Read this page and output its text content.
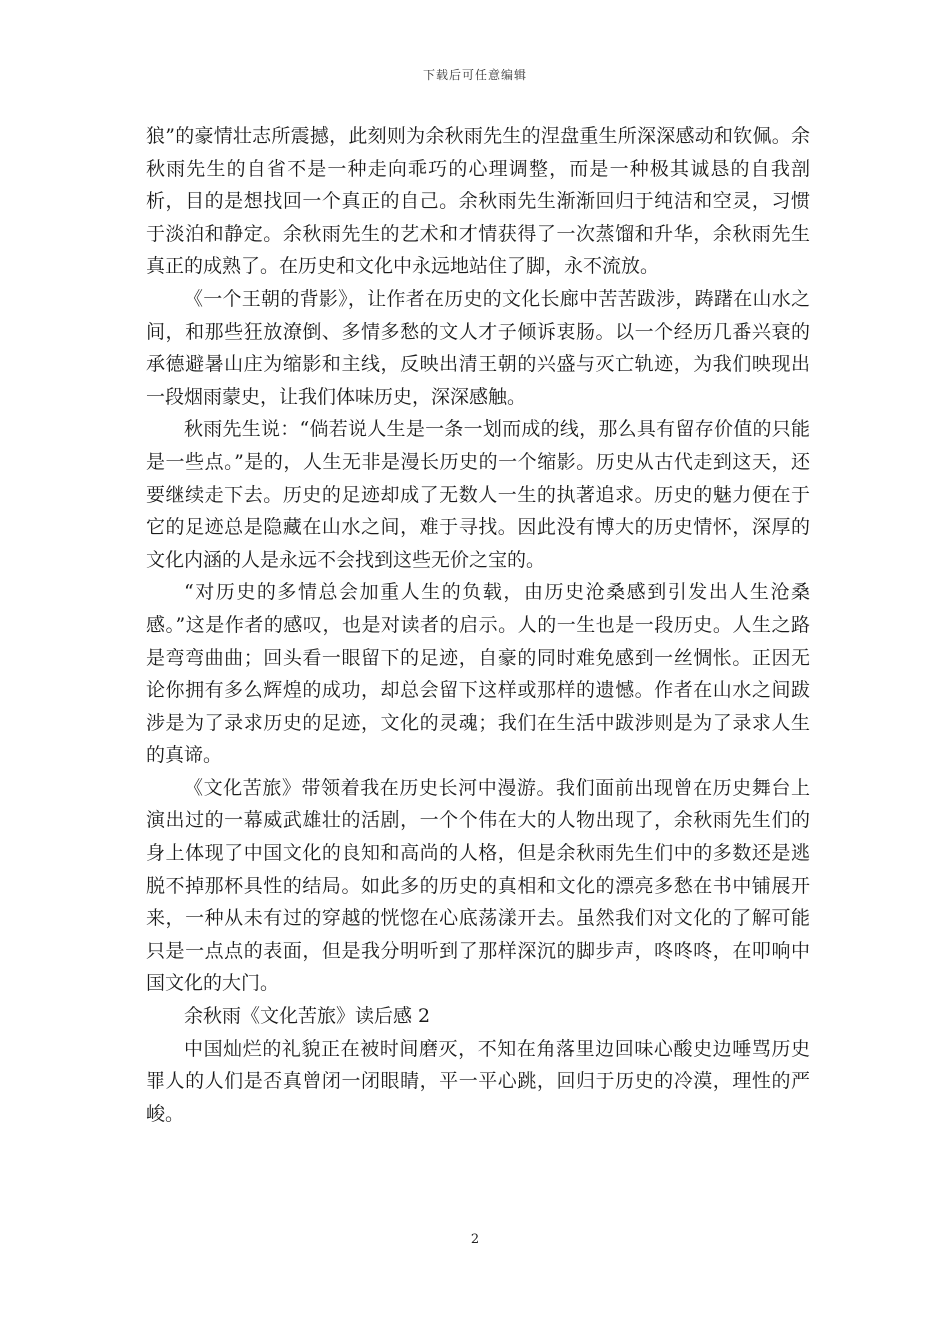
下载后可任意编辑

狼”的豪情壮志所震撼，此刻则为余秋雨先生的涅盘重生所深深感动和钦佩。余秋雨先生的自省不是一种走向乖巧的心理调整，而是一种极其诚恳的自我剖析，目的是想找回一个真正的自己。余秋雨先生渐渐回归于纯洁和空灵，习惯于淡泊和静定。余秋雨先生的艺术和才情获得了一次蒸馏和升华，余秋雨先生真正的成熟了。在历史和文化中永远地站住了脚，永不流放。

《一个王朝的背影》，让作者在历史的文化长廊中苦苦跋涉，踌躇在山水之间，和那些狂放潦倒、多情多愁的文人才子倾诉衷肠。以一个经历几番兴衰的承德避暑山庄为缩影和主线，反映出清王朝的兴盛与灭亡轨迹，为我们映现出一段烟雨蒙史，让我们体味历史，深深感触。

秋雨先生说：“倘若说人生是一条一划而成的线，那么具有留存价值的只能是一些点。”是的，人生无非是漫长历史的一个缩影。历史从古代走到这天，还要继续走下去。历史的足迹却成了无数人一生的执著追求。历史的魅力便在于它的足迹总是隐藏在山水之间，难于寻找。因此没有博大的历史情怀，深厚的文化内涵的人是永远不会找到这些无价之宝的。

“对历史的多情总会加重人生的负载，由历史沧桑感到引发出人生沧桑感。”这是作者的感叹，也是对读者的启示。人的一生也是一段历史。人生之路是弯弯曲曲；回头看一眼留下的足迹，自豪的同时难免感到一丝惆怅。正因无论你拥有多么辉煌的成功，却总会留下这样或那样的遗憾。作者在山水之间跋涉是为了录求历史的足迹，文化的灵魂；我们在生活中跋涉则是为了录求人生的真谛。

《文化苦旅》带领着我在历史长河中漫游。我们面前出现曾在历史舞台上演出过的一幕威武雄壮的活剧，一个个伟在大的人物出现了，余秋雨先生们的身上体现了中国文化的良知和高尚的人格，但是余秋雨先生们中的多数还是逃脱不掉那杯具性的结局。如此多的历史的真相和文化的漂亮多愁在书中铺展开来，一种从未有过的穿越的恍惚在心底荡漾开去。虽然我们对文化的了解可能只是一点点的表面，但是我分明听到了那样深沉的脚步声，咚咚咚，在叩响中国文化的大门。

余秋雨《文化苦旅》读后感 2

中国灿烂的礼貌正在被时间磨灭，不知在角落里边回味心酸史边唾骂历史罪人的人们是否真曾闭一闭眼睛，平一平心跳，回归于历史的冷漠，理性的严峻。

2
